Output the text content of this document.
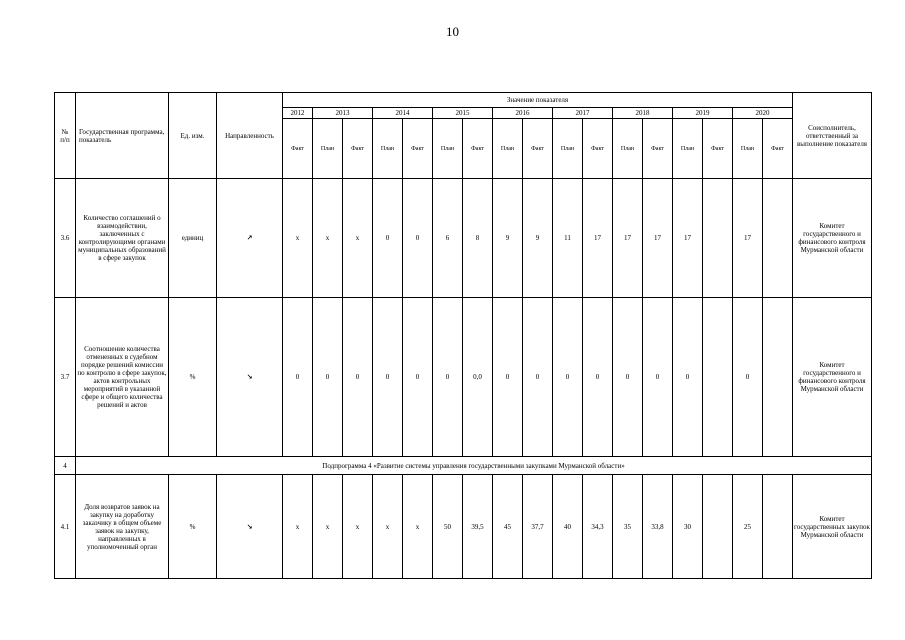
10
№
п/п	Государственная программа, показатель	Ед. изм.	Направленность	Значение показателя																	Соисполнитель, ответственный за выполнение показателя
				2012	2013		2014		2015		2016		2017		2018		2019		2020		
				Факт	План	Факт	План	Факт	План	Факт	План	Факт	План	Факт	План	Факт	План	Факт	План	Факт	
3.6	Количество соглашений о взаимодействии, заключенных с контролирующими органами муниципальных образований в сфере закупок	единиц	↗	х	х	х	0	0	6	8	9	9	11	17	17	17	17		17		Комитет государственного и финансового контроля Мурманской области
3.7	Соотношение количества отмененных в судебном порядке решений комиссии по контролю в сфере закупок, актов контрольных мероприятий в указанной сфере и общего количества решений и актов	%	↘	0	0	0	0	0	0	0,0	0	0	0	0	0	0	0		0		Комитет государственного и финансового контроля Мурманской области
4	Подпрограмма 4 «Развитие системы управления государственными закупками Мурманской области»																				
4.1	Доля возвратов заявок на закупку на доработку заказчику в общем объеме заявок на закупку, направленных в уполномоченный орган	%	↘	х	х	х	х	х	50	39,5	45	37,7	40	34,3	35	33,8	30		25		Комитет государственных закупок Мурманской области
